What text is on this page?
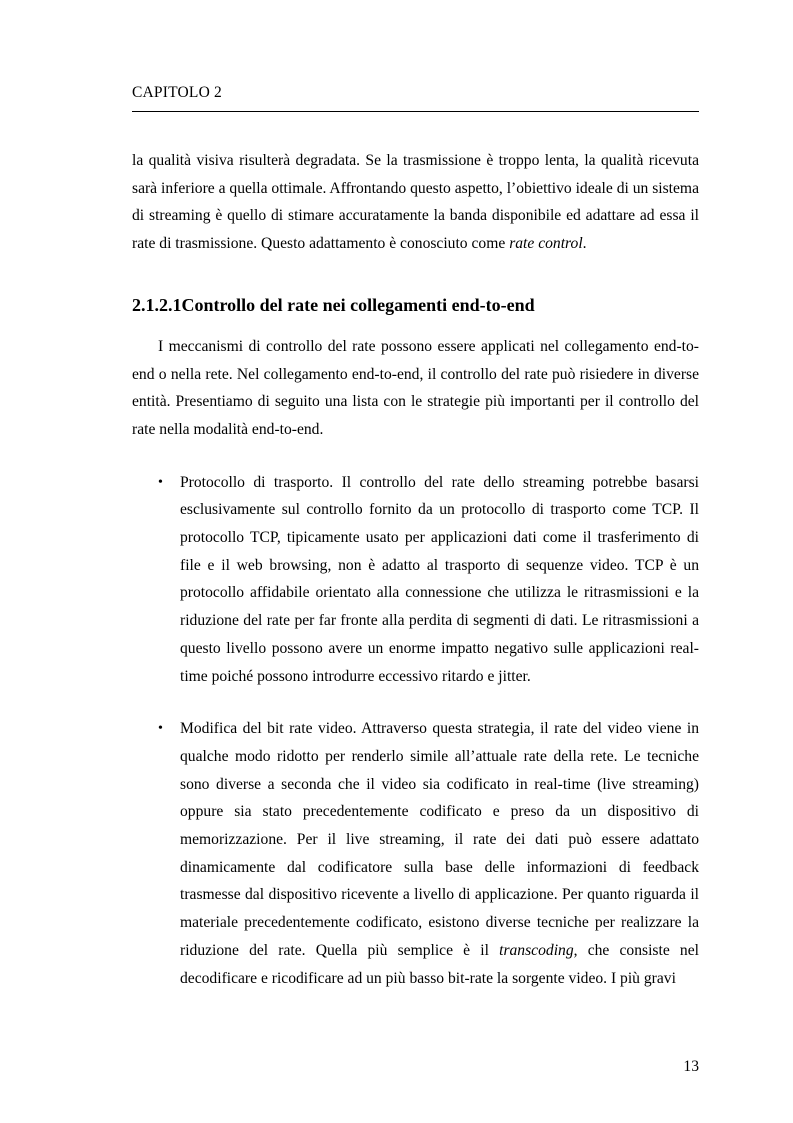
CAPITOLO 2

la qualità visiva risulterà degradata. Se la trasmissione è troppo lenta, la qualità ricevuta sarà inferiore a quella ottimale. Affrontando questo aspetto, l’obiettivo ideale di un sistema di streaming è quello di stimare accuratamente la banda disponibile ed adattare ad essa il rate di trasmissione. Questo adattamento è conosciuto come rate control.

2.1.2.1Controllo del rate nei collegamenti end-to-end

I meccanismi di controllo del rate possono essere applicati nel collegamento end-to-end o nella rete. Nel collegamento end-to-end, il controllo del rate può risiedere in diverse entità. Presentiamo di seguito una lista con le strategie più importanti per il controllo del rate nella modalità end-to-end.

• Protocollo di trasporto. Il controllo del rate dello streaming potrebbe basarsi esclusivamente sul controllo fornito da un protocollo di trasporto come TCP. Il protocollo TCP, tipicamente usato per applicazioni dati come il trasferimento di file e il web browsing, non è adatto al trasporto di sequenze video. TCP è un protocollo affidabile orientato alla connessione che utilizza le ritrasmissioni e la riduzione del rate per far fronte alla perdita di segmenti di dati. Le ritrasmissioni a questo livello possono avere un enorme impatto negativo sulle applicazioni real-time poiché possono introdurre eccessivo ritardo e jitter.
• Modifica del bit rate video. Attraverso questa strategia, il rate del video viene in qualche modo ridotto per renderlo simile all’attuale rate della rete. Le tecniche sono diverse a seconda che il video sia codificato in real-time (live streaming) oppure sia stato precedentemente codificato e preso da un dispositivo di memorizzazione. Per il live streaming, il rate dei dati può essere adattato dinamicamente dal codificatore sulla base delle informazioni di feedback trasmesse dal dispositivo ricevente a livello di applicazione. Per quanto riguarda il materiale precedentemente codificato, esistono diverse tecniche per realizzare la riduzione del rate. Quella più semplice è il transcoding, che consiste nel decodificare e ricodificare ad un più basso bit-rate la sorgente video. I più gravi
13
